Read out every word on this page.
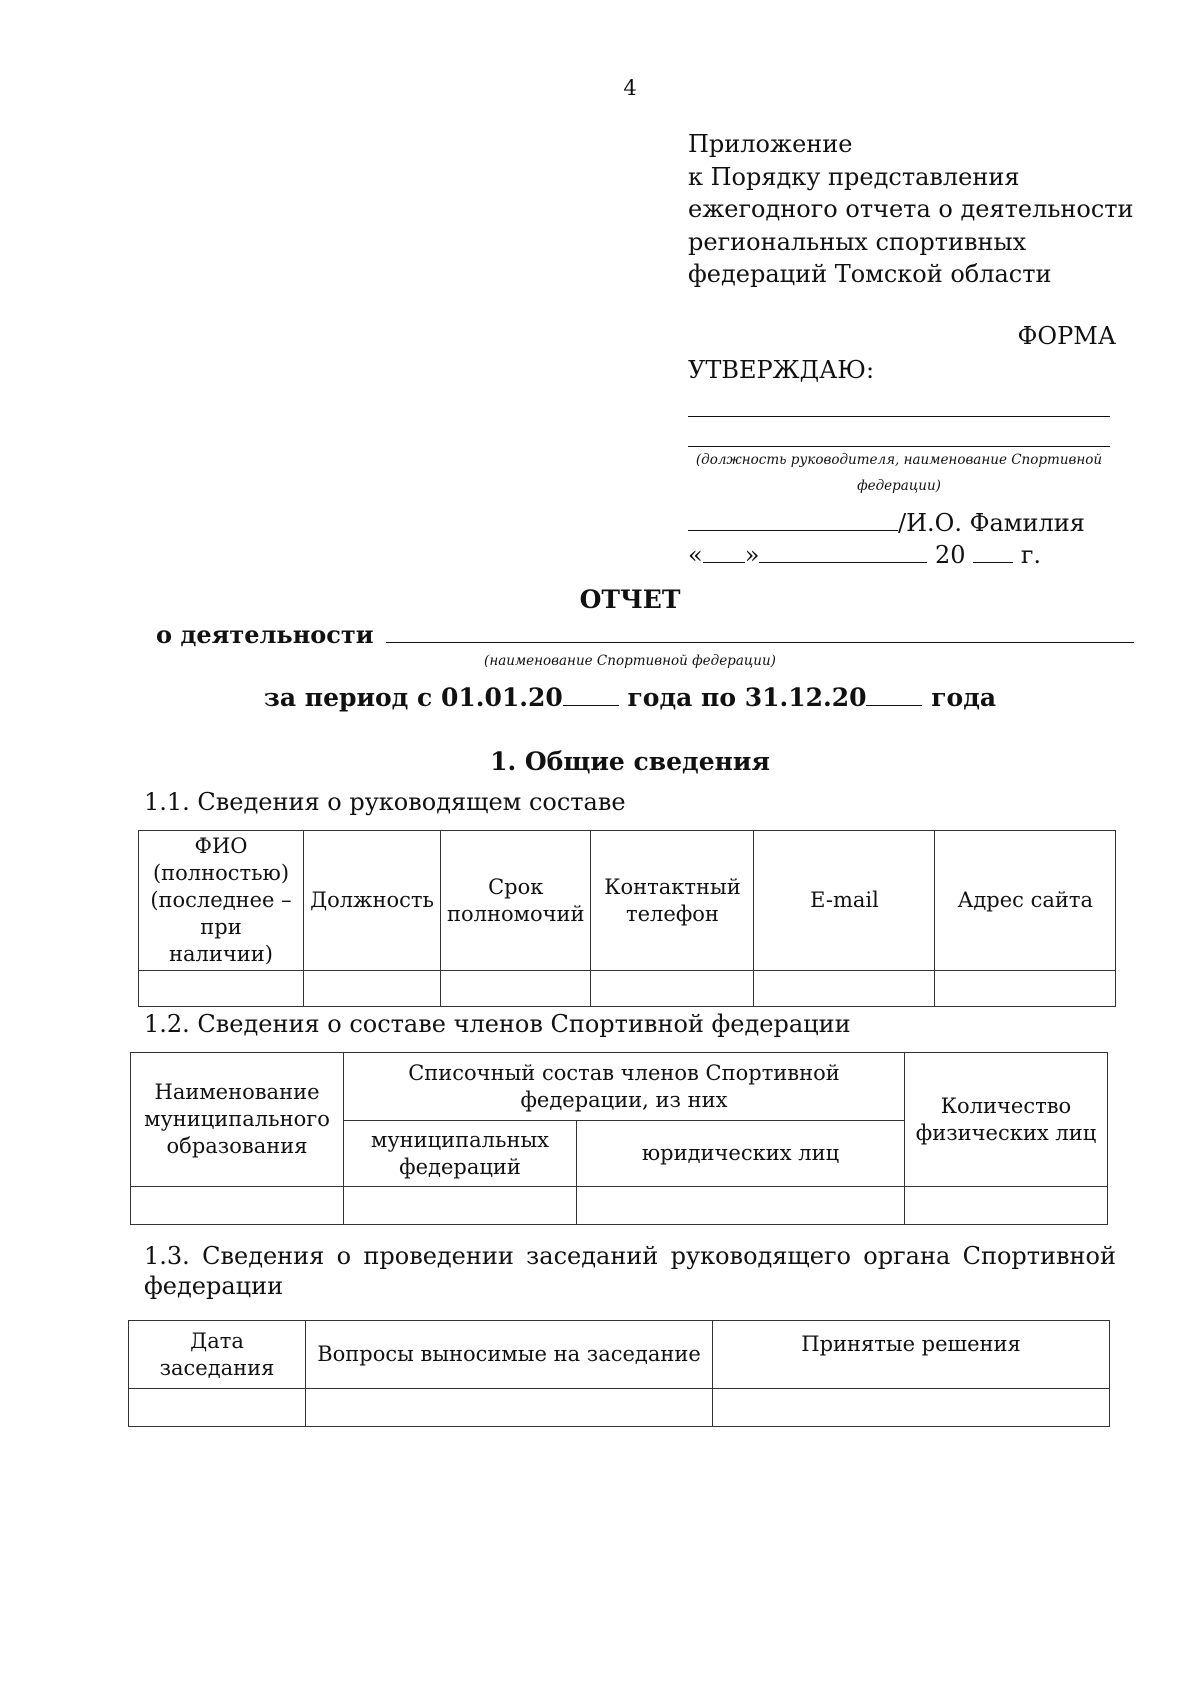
4
Приложение
к Порядку представления
ежегодного отчета о деятельности
региональных спортивных
федераций Томской области
ФОРМА
УТВЕРЖДАЮ:
(должность руководителя, наименование Спортивной
федерации)
/И.О. Фамилия
« »	20 г.
ОТЧЕТ
о деятельности
(наименование Спортивной федерации)
за период с 01.01.20	года по 31.12.20	года
1. Общие сведения
1.1. Сведения о руководящем составе
ФИО (полностью) (последнее – при наличии)	Должность	Срок полномочий	Контактный телефон	E-mail	Адрес сайта

1.2. Сведения о составе членов Спортивной федерации
Наименование муниципального образования	Списочный состав членов Спортивной федерации, из них		Количество физических лиц
	муниципальных федераций	юридических лиц	

1.3. Сведения о проведении заседаний руководящего органа Спортивной
федерации
Дата заседания	Вопросы выносимые на заседание	Принятые решения
